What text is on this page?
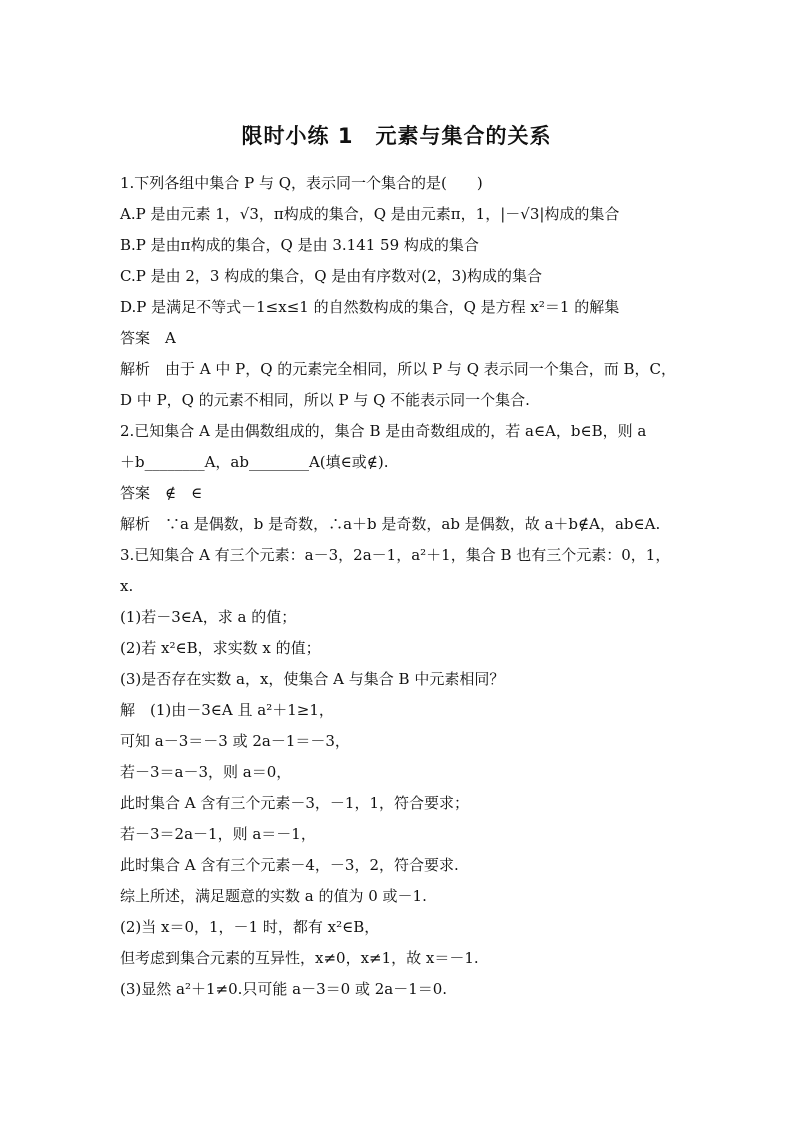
限时小练 1　元素与集合的关系
1.下列各组中集合 P 与 Q，表示同一个集合的是(　　)
A.P 是由元素 1，√3，π构成的集合，Q 是由元素π，1，|－√3|构成的集合
B.P 是由π构成的集合，Q 是由 3.141 59 构成的集合
C.P 是由 2，3 构成的集合，Q 是由有序数对(2，3)构成的集合
D.P 是满足不等式－1≤x≤1 的自然数构成的集合，Q 是方程 x²＝1 的解集
答案　A
解析　由于 A 中 P，Q 的元素完全相同，所以 P 与 Q 表示同一个集合，而 B，C，
D 中 P，Q 的元素不相同，所以 P 与 Q 不能表示同一个集合.
2.已知集合 A 是由偶数组成的，集合 B 是由奇数组成的，若 a∈A，b∈B，则 a
＋b________A，ab________A(填∈或∉).
答案　∉　∈
解析　∵a 是偶数，b 是奇数，∴a＋b 是奇数，ab 是偶数，故 a＋b∉A，ab∈A.
3.已知集合 A 有三个元素：a－3，2a－1，a²＋1，集合 B 也有三个元素：0，1，
x.
(1)若－3∈A，求 a 的值；
(2)若 x²∈B，求实数 x 的值；
(3)是否存在实数 a，x，使集合 A 与集合 B 中元素相同？
解　(1)由－3∈A 且 a²＋1≥1，
可知 a－3＝－3 或 2a－1＝－3，
若－3＝a－3，则 a＝0，
此时集合 A 含有三个元素－3，－1，1，符合要求；
若－3＝2a－1，则 a＝－1，
此时集合 A 含有三个元素－4，－3，2，符合要求.
综上所述，满足题意的实数 a 的值为 0 或－1.
(2)当 x＝0，1，－1 时，都有 x²∈B，
但考虑到集合元素的互异性，x≠0，x≠1，故 x＝－1.
(3)显然 a²＋1≠0.只可能 a－3＝0 或 2a－1＝0.
